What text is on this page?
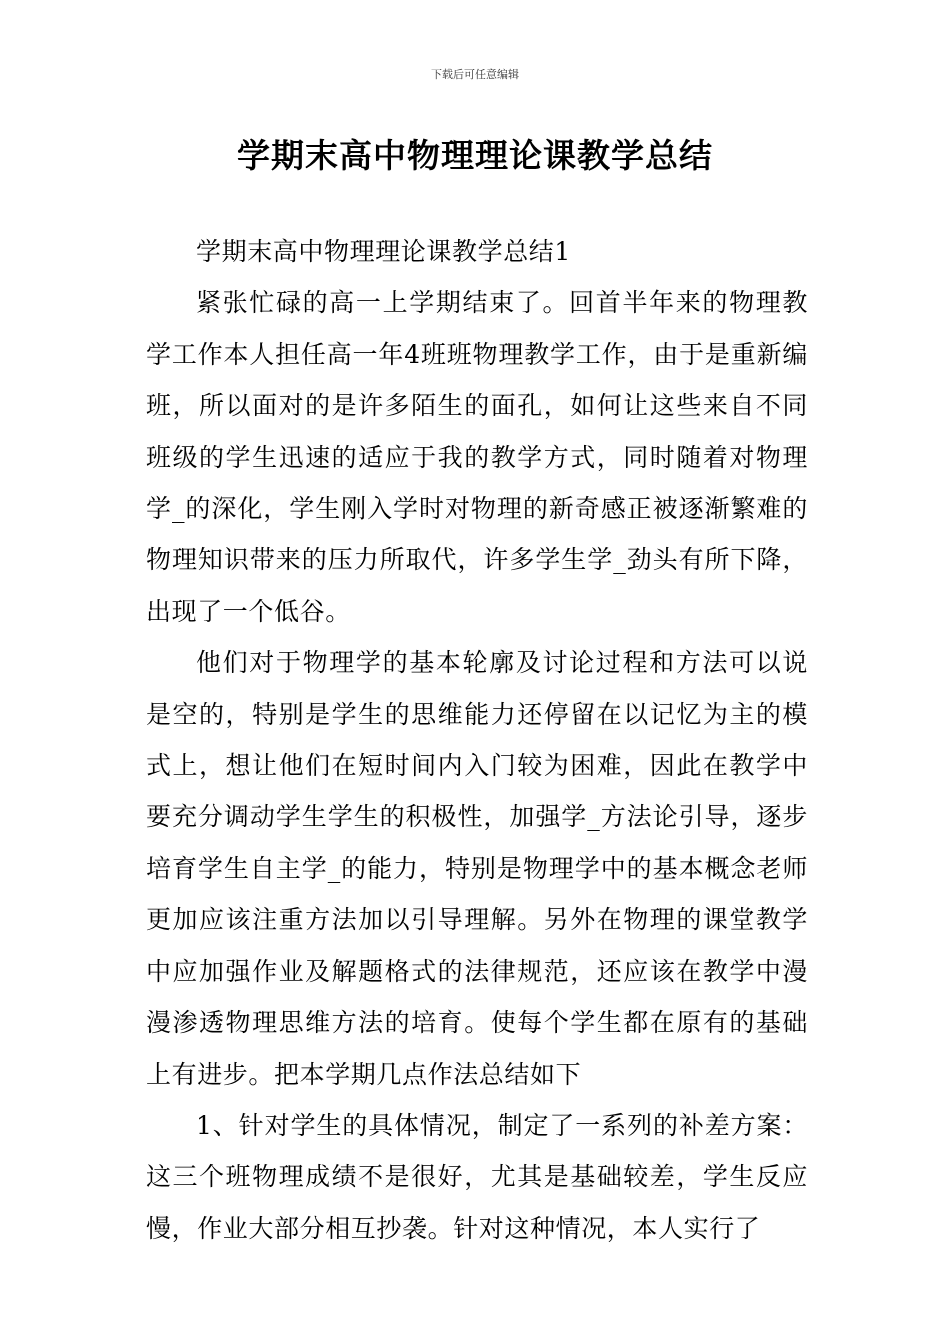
下载后可任意编辑
学期末高中物理理论课教学总结

学期末高中物理理论课教学总结1

紧张忙碌的高一上学期结束了。回首半年来的物理教学工作本人担任高一年4班班物理教学工作，由于是重新编班，所以面对的是许多陌生的面孔，如何让这些来自不同班级的学生迅速的适应于我的教学方式，同时随着对物理学_的深化，学生刚入学时对物理的新奇感正被逐渐繁难的物理知识带来的压力所取代，许多学生学_劲头有所下降，出现了一个低谷。

他们对于物理学的基本轮廓及讨论过程和方法可以说是空的，特别是学生的思维能力还停留在以记忆为主的模式上，想让他们在短时间内入门较为困难，因此在教学中要充分调动学生学生的积极性，加强学_方法论引导，逐步培育学生自主学_的能力，特别是物理学中的基本概念老师更加应该注重方法加以引导理解。另外在物理的课堂教学中应加强作业及解题格式的法律规范，还应该在教学中漫漫渗透物理思维方法的培育。使每个学生都在原有的基础上有进步。把本学期几点作法总结如下

1、针对学生的具体情况，制定了一系列的补差方案：这三个班物理成绩不是很好，尤其是基础较差，学生反应慢，作业大部分相互抄袭。针对这种情况，本人实行了
